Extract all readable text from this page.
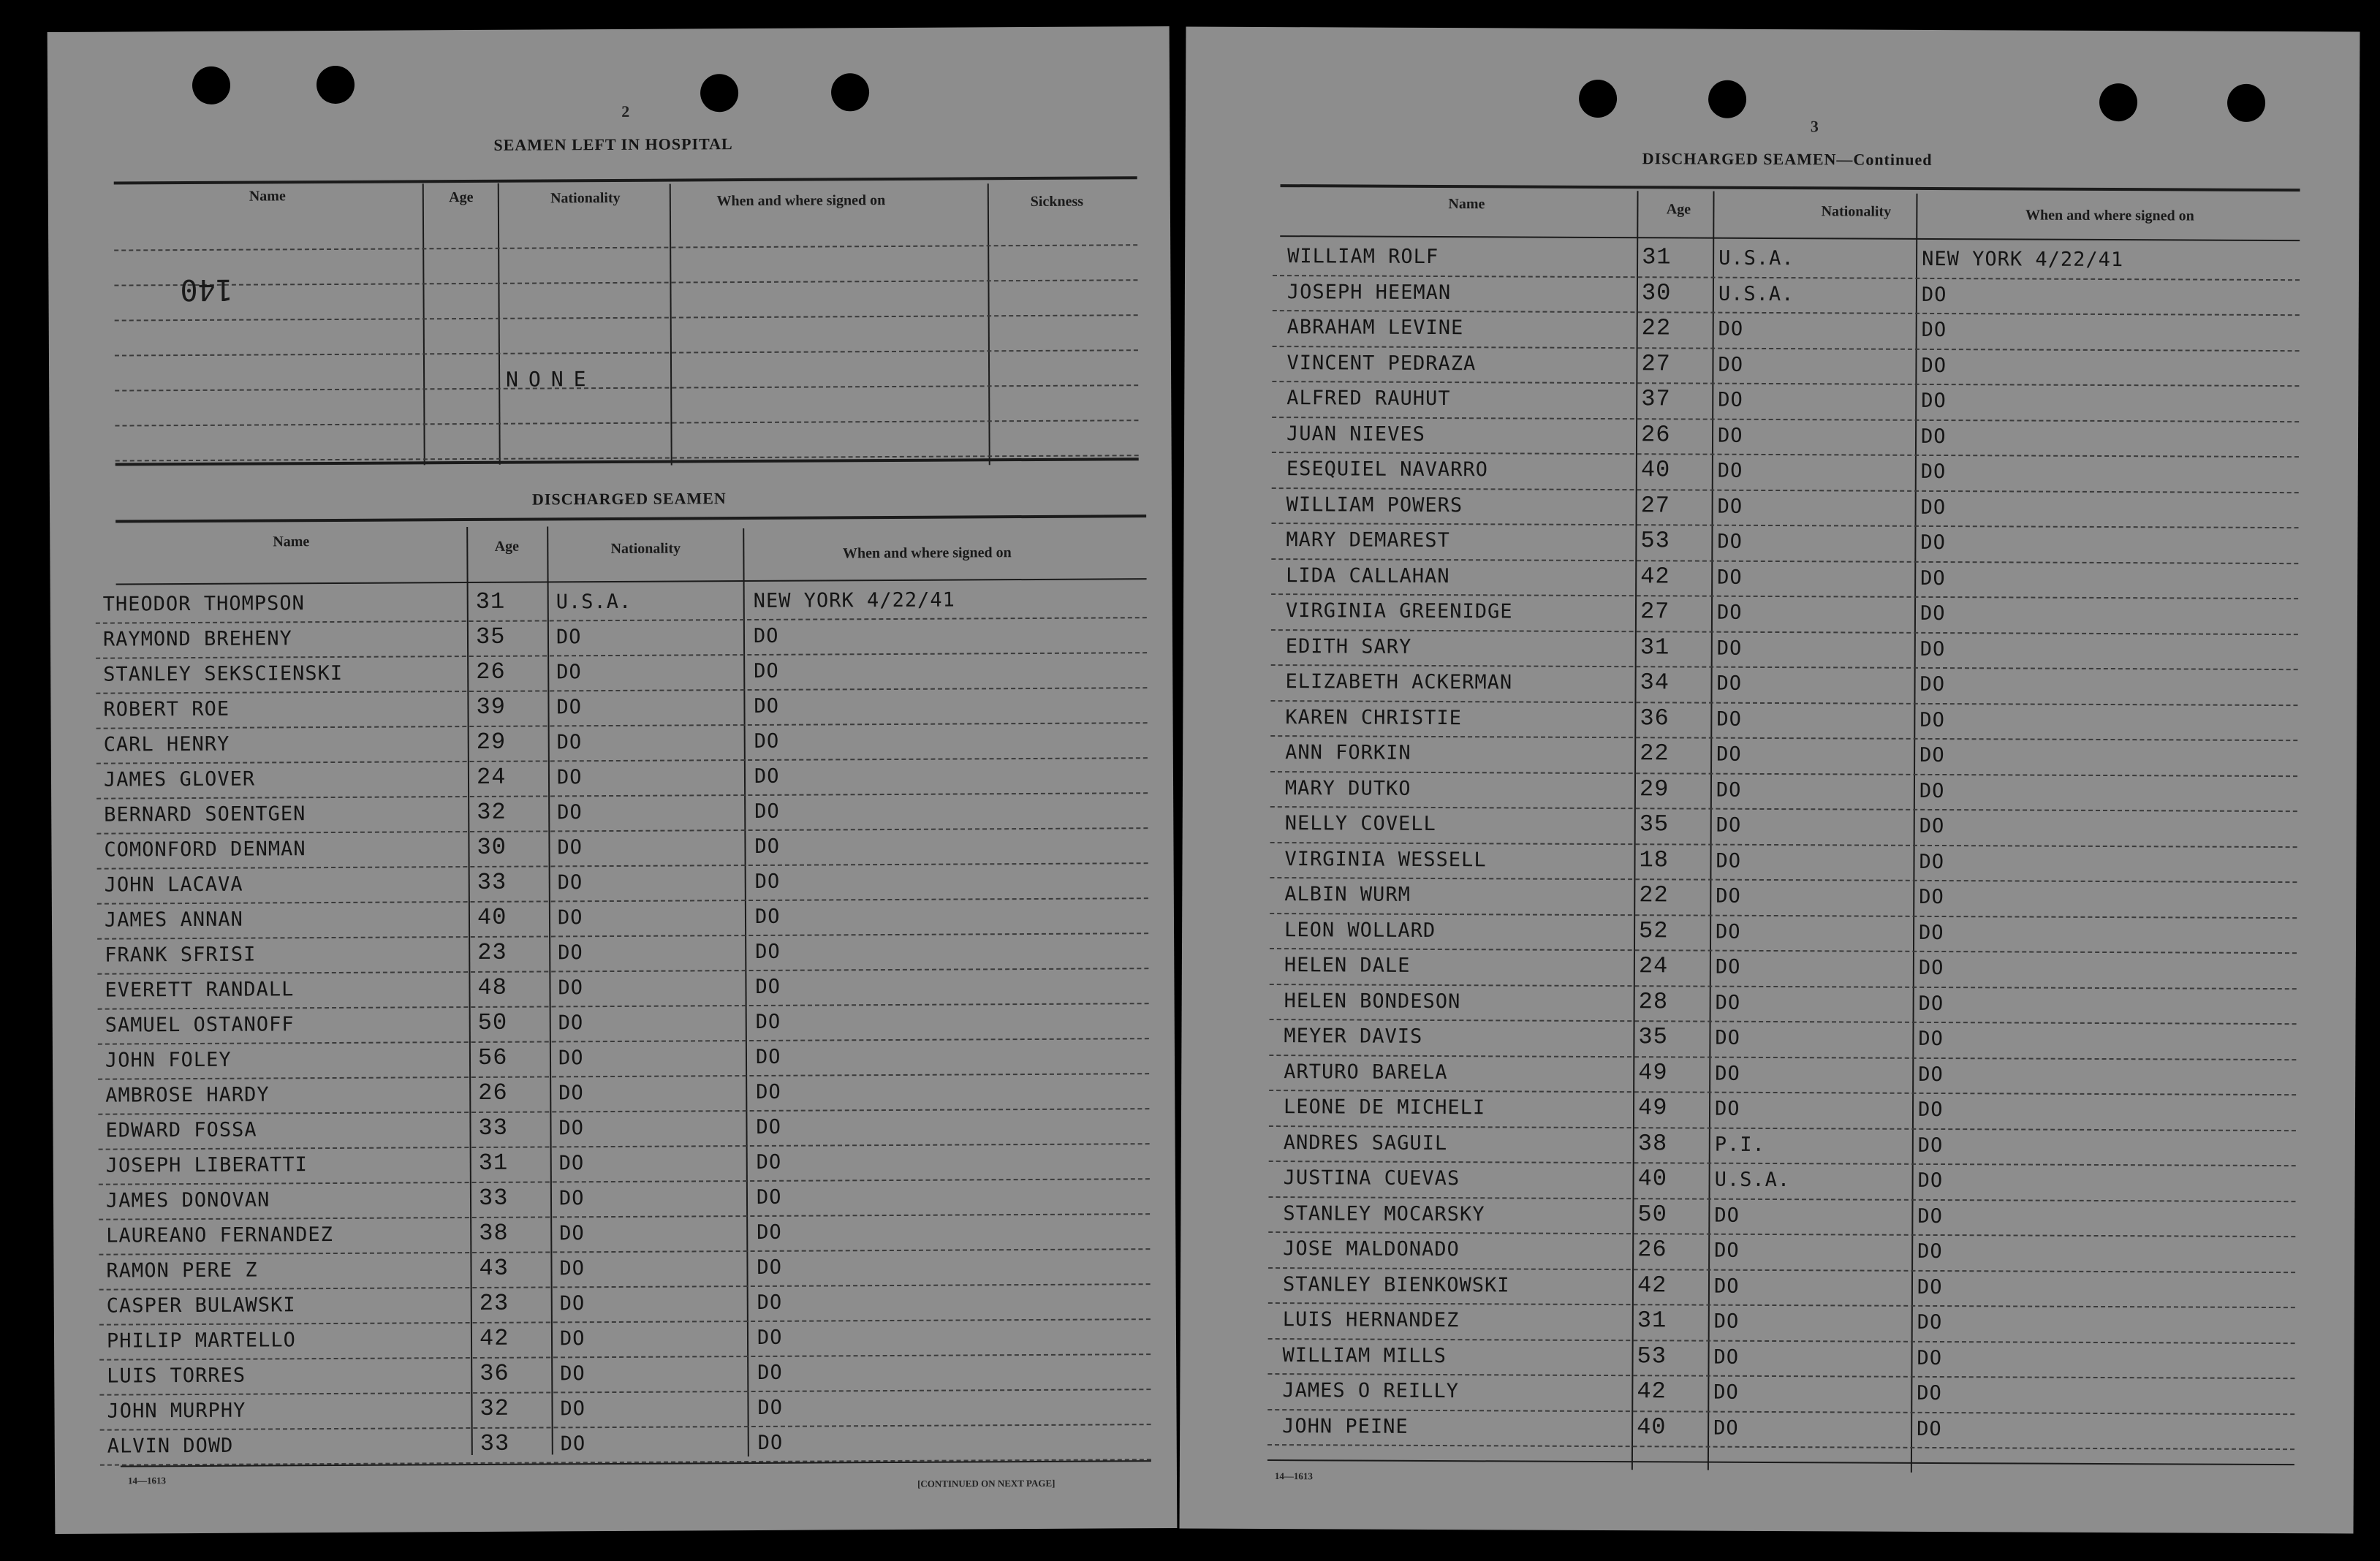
2
SEAMEN LEFT IN HOSPITAL
Name	Age	Nationality	When and where signed on	Sickness
140
NONE
DISCHARGED SEAMEN
Name	Age	Nationality	When and where signed on
THEODOR THOMPSON	31	U.S.A.	NEW YORK 4/22/41
RAYMOND BREHENY	35	DO	DO
STANLEY SEKSCIENSKI	26	DO	DO
ROBERT ROE	39	DO	DO
CARL HENRY	29	DO	DO
JAMES GLOVER	24	DO	DO
BERNARD SOENTGEN	32	DO	DO
COMONFORD DENMAN	30	DO	DO
JOHN LACAVA	33	DO	DO
JAMES ANNAN	40	DO	DO
FRANK SFRISI	23	DO	DO
EVERETT RANDALL	48	DO	DO
SAMUEL OSTANOFF	50	DO	DO
JOHN FOLEY	56	DO	DO
AMBROSE HARDY	26	DO	DO
EDWARD FOSSA	33	DO	DO
JOSEPH LIBERATTI	31	DO	DO
JAMES DONOVAN	33	DO	DO
LAUREANO FERNANDEZ	38	DO	DO
RAMON PERE Z	43	DO	DO
CASPER BULAWSKI	23	DO	DO
PHILIP MARTELLO	42	DO	DO
LUIS TORRES	36	DO	DO
JOHN MURPHY	32	DO	DO
ALVIN DOWD	33	DO	DO
14—1613	[CONTINUED ON NEXT PAGE]
3
DISCHARGED SEAMEN—Continued
Name	Age	Nationality	When and where signed on
WILLIAM ROLF	31 U.S.A.	NEW YORK 4/22/41
JOSEPH HEEMAN	30 U.S.A.	DO
ABRAHAM LEVINE	22 DO	DO
VINCENT PEDRAZA	27 DO	DO
ALFRED RAUHUT	37 DO	DO
JUAN NIEVES	26 DO	DO
ESEQUIEL NAVARRO	40 DO	DO
WILLIAM POWERS	27 DO	DO
MARY DEMAREST	53 DO	DO
LIDA CALLAHAN	42 DO	DO
VIRGINIA GREENIDGE	27 DO	DO
EDITH SARY	31 DO	DO
ELIZABETH ACKERMAN	34 DO	DO
KAREN CHRISTIE	36 DO	DO
ANN FORKIN	22 DO	DO
MARY DUTKO	29 DO	DO
NELLY COVELL	35 DO	DO
VIRGINIA WESSELL	18 DO	DO
ALBIN WURM	22 DO	DO
LEON WOLLARD	52 DO	DO
HELEN DALE	24 DO	DO
HELEN BONDESON	28 DO	DO
MEYER DAVIS	35 DO	DO
ARTURO BARELA	49 DO	DO
LEONE DE MICHELI	49 DO	DO
ANDRES SAGUIL	38 P.I.	DO
JUSTINA CUEVAS	40 U.S.A.	DO
STANLEY MOCARSKY	50 DO	DO
JOSE MALDONADO	26 DO	DO
STANLEY BIENKOWSKI	42 DO	DO
LUIS HERNANDEZ	31 DO	DO
WILLIAM MILLS	53 DO	DO
JAMES O REILLY	42 DO	DO
JOHN PEINE	40 DO	DO
14—1613
